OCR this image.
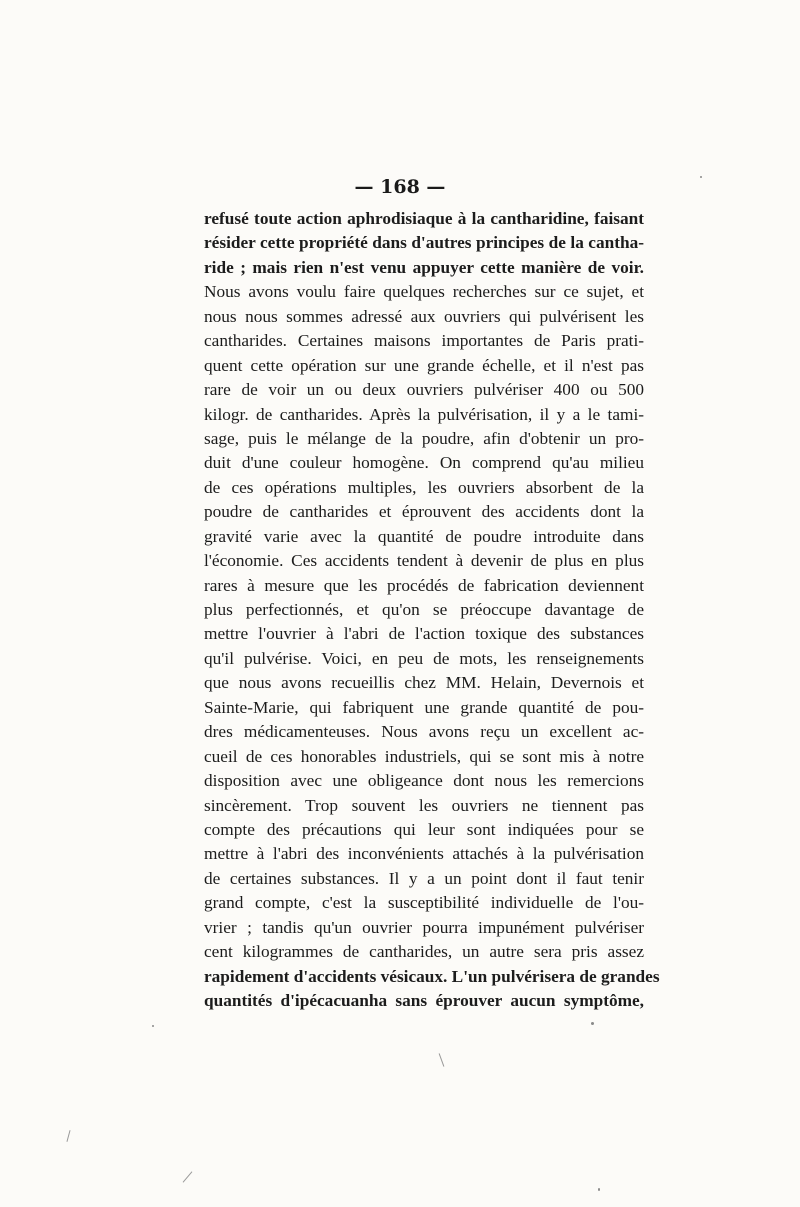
— 168 —
refusé toute action aphrodisiaque à la cantharidine, faisant
résider cette propriété dans d'autres principes de la cantha-
ride ; mais rien n'est venu appuyer cette manière de voir.
Nous avons voulu faire quelques recherches sur ce sujet, et
nous nous sommes adressé aux ouvriers qui pulvérisent les
cantharides. Certaines maisons importantes de Paris prati-
quent cette opération sur une grande échelle, et il n'est pas
rare de voir un ou deux ouvriers pulvériser 400 ou 500
kilogr. de cantharides. Après la pulvérisation, il y a le tami-
sage, puis le mélange de la poudre, afin d'obtenir un pro-
duit d'une couleur homogène. On comprend qu'au milieu
de ces opérations multiples, les ouvriers absorbent de la
poudre de cantharides et éprouvent des accidents dont la
gravité varie avec la quantité de poudre introduite dans
l'économie. Ces accidents tendent à devenir de plus en plus
rares à mesure que les procédés de fabrication deviennent
plus perfectionnés, et qu'on se préoccupe davantage de
mettre l'ouvrier à l'abri de l'action toxique des substances
qu'il pulvérise. Voici, en peu de mots, les renseignements
que nous avons recueillis chez MM. Helain, Devernois et
Sainte-Marie, qui fabriquent une grande quantité de pou-
dres médicamenteuses. Nous avons reçu un excellent ac-
cueil de ces honorables industriels, qui se sont mis à notre
disposition avec une obligeance dont nous les remercions
sincèrement. Trop souvent les ouvriers ne tiennent pas
compte des précautions qui leur sont indiquées pour se
mettre à l'abri des inconvénients attachés à la pulvérisation
de certaines substances. Il y a un point dont il faut tenir
grand compte, c'est la susceptibilité individuelle de l'ou-
vrier ; tandis qu'un ouvrier pourra impunément pulvériser
cent kilogrammes de cantharides, un autre sera pris assez
rapidement d'accidents vésicaux. L'un pulvérisera de grandes
quantités d'ipécacuanha sans éprouver aucun symptôme,
